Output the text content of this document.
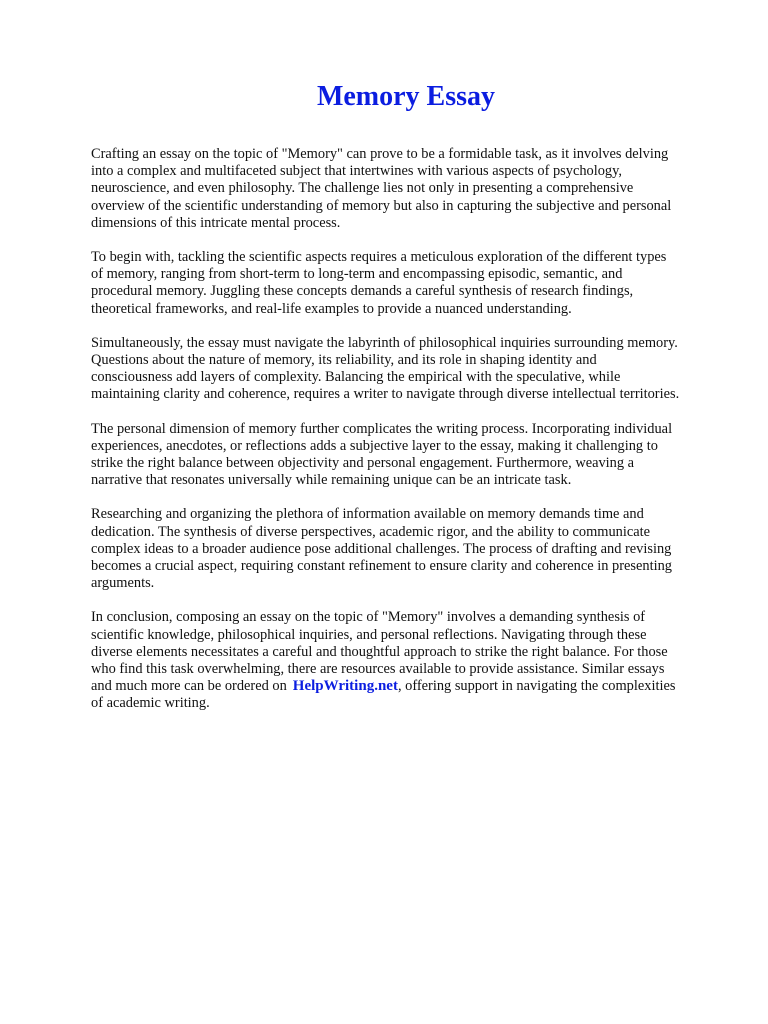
Memory Essay

Crafting an essay on the topic of "Memory" can prove to be a formidable task, as it involves delving
into a complex and multifaceted subject that intertwines with various aspects of psychology,
neuroscience, and even philosophy. The challenge lies not only in presenting a comprehensive
overview of the scientific understanding of memory but also in capturing the subjective and personal
dimensions of this intricate mental process.

To begin with, tackling the scientific aspects requires a meticulous exploration of the different types
of memory, ranging from short-term to long-term and encompassing episodic, semantic, and
procedural memory. Juggling these concepts demands a careful synthesis of research findings,
theoretical frameworks, and real-life examples to provide a nuanced understanding.

Simultaneously, the essay must navigate the labyrinth of philosophical inquiries surrounding memory.
Questions about the nature of memory, its reliability, and its role in shaping identity and
consciousness add layers of complexity. Balancing the empirical with the speculative, while
maintaining clarity and coherence, requires a writer to navigate through diverse intellectual territories.

The personal dimension of memory further complicates the writing process. Incorporating individual
experiences, anecdotes, or reflections adds a subjective layer to the essay, making it challenging to
strike the right balance between objectivity and personal engagement. Furthermore, weaving a
narrative that resonates universally while remaining unique can be an intricate task.

Researching and organizing the plethora of information available on memory demands time and
dedication. The synthesis of diverse perspectives, academic rigor, and the ability to communicate
complex ideas to a broader audience pose additional challenges. The process of drafting and revising
becomes a crucial aspect, requiring constant refinement to ensure clarity and coherence in presenting
arguments.

In conclusion, composing an essay on the topic of "Memory" involves a demanding synthesis of
scientific knowledge, philosophical inquiries, and personal reflections. Navigating through these
diverse elements necessitates a careful and thoughtful approach to strike the right balance. For those
who find this task overwhelming, there are resources available to provide assistance. Similar essays
and much more can be ordered on HelpWriting.net, offering support in navigating the complexities
of academic writing.
